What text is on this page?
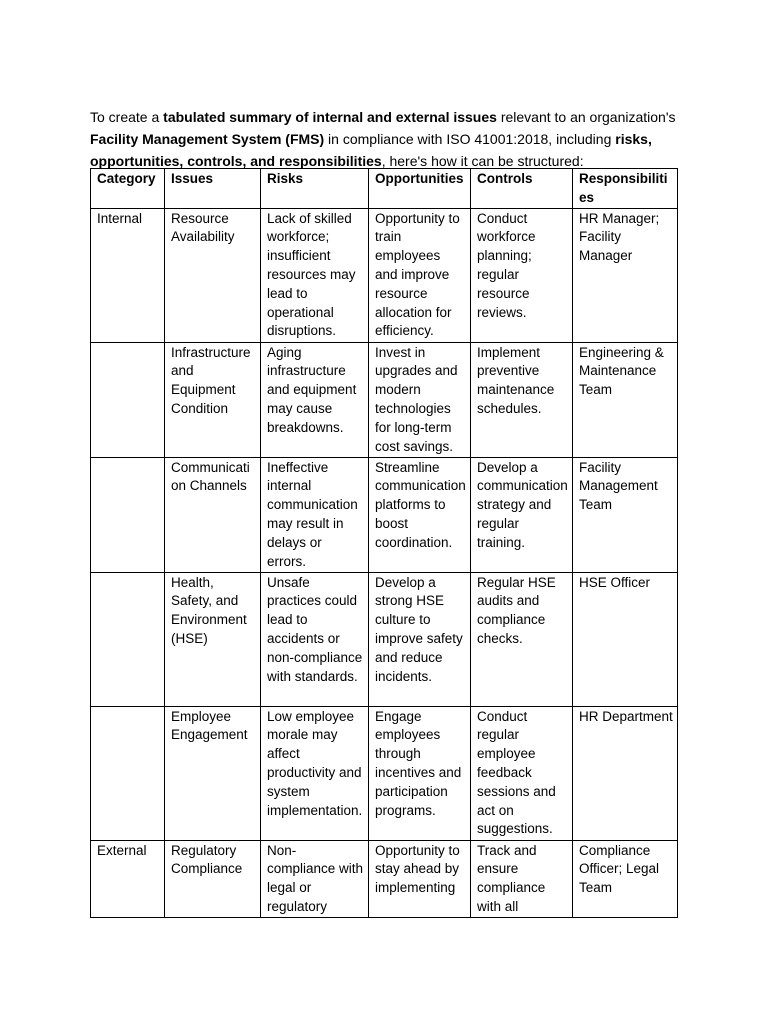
To create a tabulated summary of internal and external issues relevant to an organization's Facility Management System (FMS) in compliance with ISO 41001:2018, including risks, opportunities, controls, and responsibilities, here's how it can be structured:

Category	Issues	Risks	Opportunities	Controls	Responsibilities
Internal	Resource Availability	Lack of skilled workforce; insufficient resources may lead to operational disruptions.	Opportunity to train employees and improve resource allocation for efficiency.	Conduct workforce planning; regular resource reviews.	HR Manager; Facility Manager
	Infrastructure and Equipment Condition	Aging infrastructure and equipment may cause breakdowns.	Invest in upgrades and modern technologies for long-term cost savings.	Implement preventive maintenance schedules.	Engineering & Maintenance Team
	Communication Channels	Ineffective internal communication may result in delays or errors.	Streamline communication platforms to boost coordination.	Develop a communication strategy and regular training.	Facility Management Team
	Health, Safety, and Environment (HSE)	Unsafe practices could lead to accidents or non-compliance with standards.	Develop a strong HSE culture to improve safety and reduce incidents.	Regular HSE audits and compliance checks.	HSE Officer
	Employee Engagement	Low employee morale may affect productivity and system implementation.	Engage employees through incentives and participation programs.	Conduct regular employee feedback sessions and act on suggestions.	HR Department
External	Regulatory Compliance	Non-compliance with legal or regulatory	Opportunity to stay ahead by implementing	Track and ensure compliance with all	Compliance Officer; Legal Team
